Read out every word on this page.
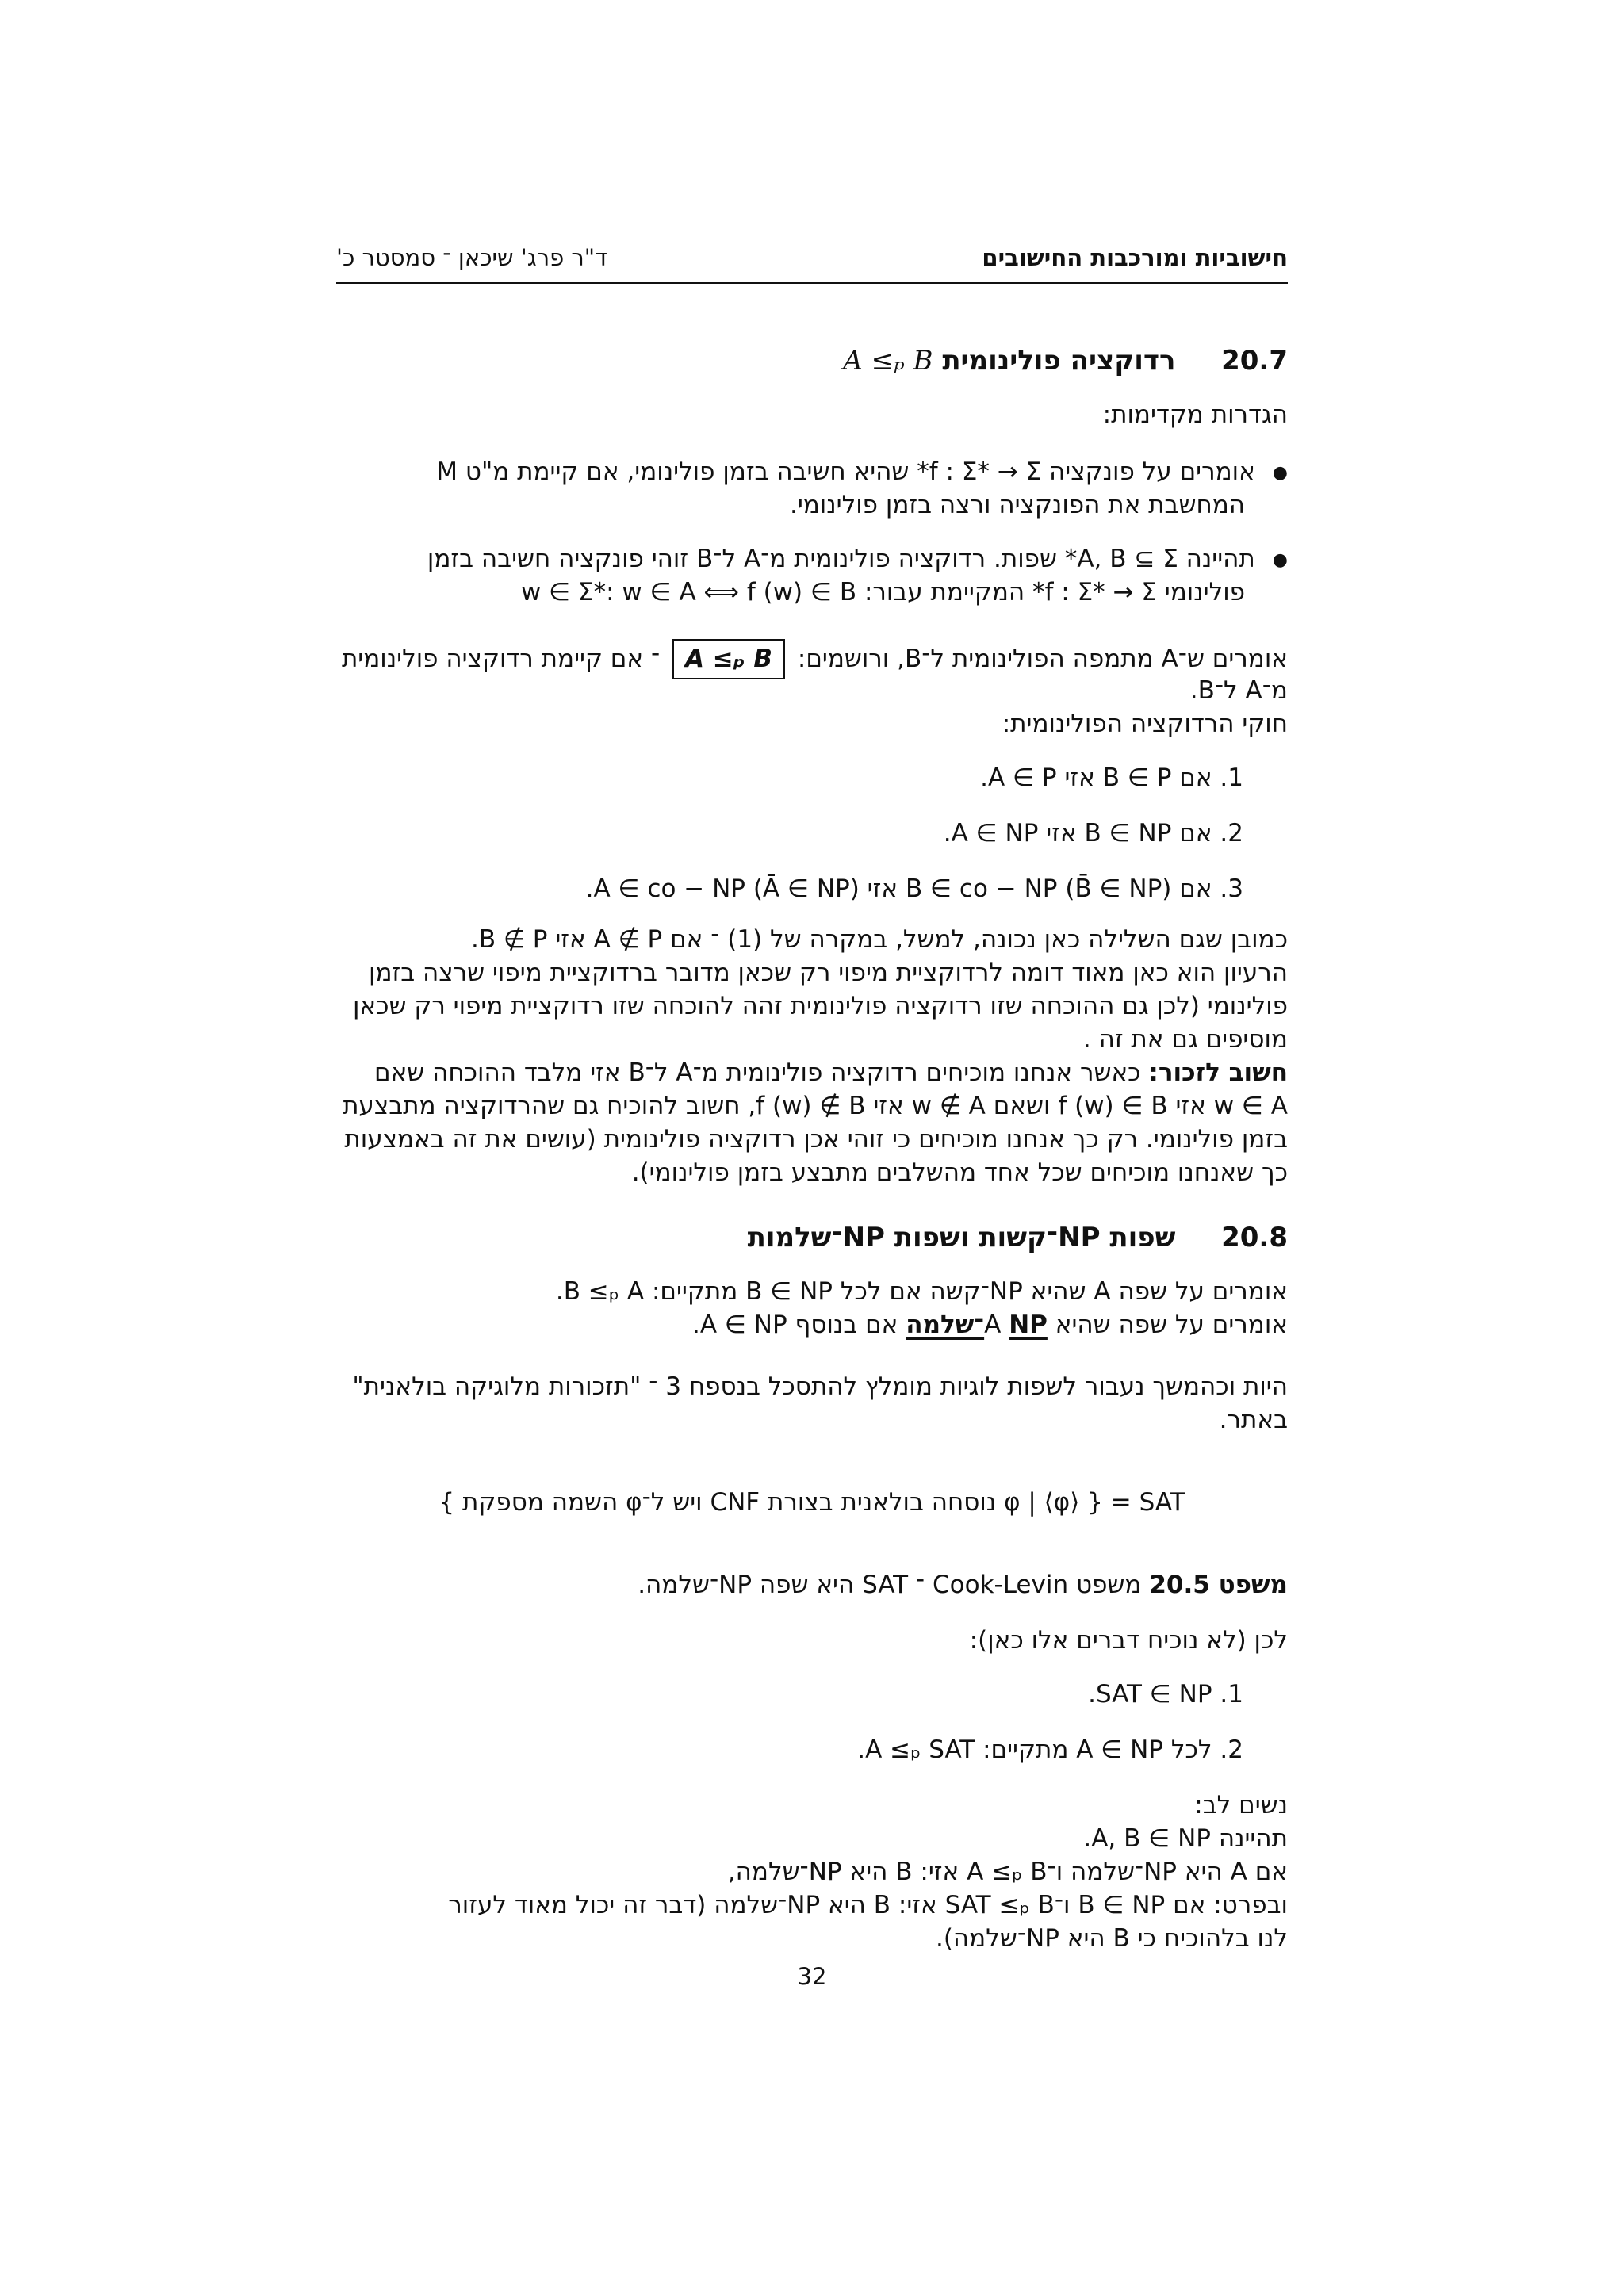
חישוביות ומורכבות החישובים
ד"ר פרג' שיכאן ־ סמסטר כ'
20.7  רדוקציה פולינומית A ≤ₚ B
הגדרות מקדימות:
● אומרים על פונקציה f : Σ* → Σ* שהיא חשיבה בזמן פולינומי, אם קיימת מ"ט M
המחשבת את הפונקציה ורצה בזמן פולינומי.
● תהיינה A, B ⊆ Σ* שפות. רדוקציה פולינומית מ־A ל־B זוהי פונקציה חשיבה בזמן
פולינומי f : Σ* → Σ* המקיימת עבור: w ∈ Σ*: w ∈ A ⟺ f (w) ∈ B
אומרים ש־A מתמפה הפולינומית ל־B, ורושמים: A ≤ₚ B ־ אם קיימת רדוקציה פולינומית
מ־A ל־B.
חוקי הרדוקציה הפולינומית:
1. אם B ∈ P אזי A ∈ P.
2. אם B ∈ NP אזי A ∈ NP.
3. אם B ∈ co − NP (B̄ ∈ NP) אזי A ∈ co − NP (Ā ∈ NP).
כמובן שגם השלילה כאן נכונה, למשל, במקרה של (1) ־ אם A ∉ P אזי B ∉ P.
הרעיון הוא כאן מאוד דומה לרדוקציית מיפוי רק שכאן מדובר ברדוקציית מיפוי שרצה בזמן
פולינומי (לכן גם ההוכחה שזו רדוקציה פולינומית זהה להוכחה שזו רדוקציית מיפוי רק שכאן
מוסיפים גם את זה .
חשוב לזכור: כאשר אנחנו מוכיחים רדוקציה פולינומית מ־A ל־B אזי מלבד ההוכחה שאם
w ∈ A אזי f (w) ∈ B ושאם w ∉ A אזי f (w) ∉ B, חשוב להוכיח גם שהרדוקציה מתבצעת
בזמן פולינומי. רק כך אנחנו מוכיחים כי זוהי אכן רדוקציה פולינומית (עושים את זה באמצעות
כך שאנחנו מוכיחים שכל אחד מהשלבים מתבצע בזמן פולינומי).
20.8  שפות NP־קשות ושפות NP־שלמות
אומרים על שפה A שהיא NP־קשה אם לכל B ∈ NP מתקיים: B ≤ₚ A.
אומרים על שפה שהיא A NP־שלמה אם בנוסף A ∈ NP.
היות וכהמשך נעבור לשפות לוגיות מומלץ להתסכל בנספח 3 ־ "תזכורות מלוגיקה בולאנית"
באתר.
SAT = { ⟨φ⟩ | φ נוסחה בולאנית בצורת CNF ויש ל־φ השמה מספקת }
משפט 20.5 משפט Cook-Levin ־ SAT היא שפה NP־שלמה.
לכן (לא נוכיח דברים אלו כאן):
1. SAT ∈ NP.
2. לכל A ∈ NP מתקיים: A ≤ₚ SAT.
נשים לב:
תהיינה A, B ∈ NP.
אם A היא NP־שלמה ו־A ≤ₚ B אזי: B היא NP־שלמה,
ובפרט: אם B ∈ NP ו־SAT ≤ₚ B אזי: B היא NP־שלמה (דבר זה יכול מאוד לעזור
לנו בלהוכיח כי B היא NP־שלמה).
32
